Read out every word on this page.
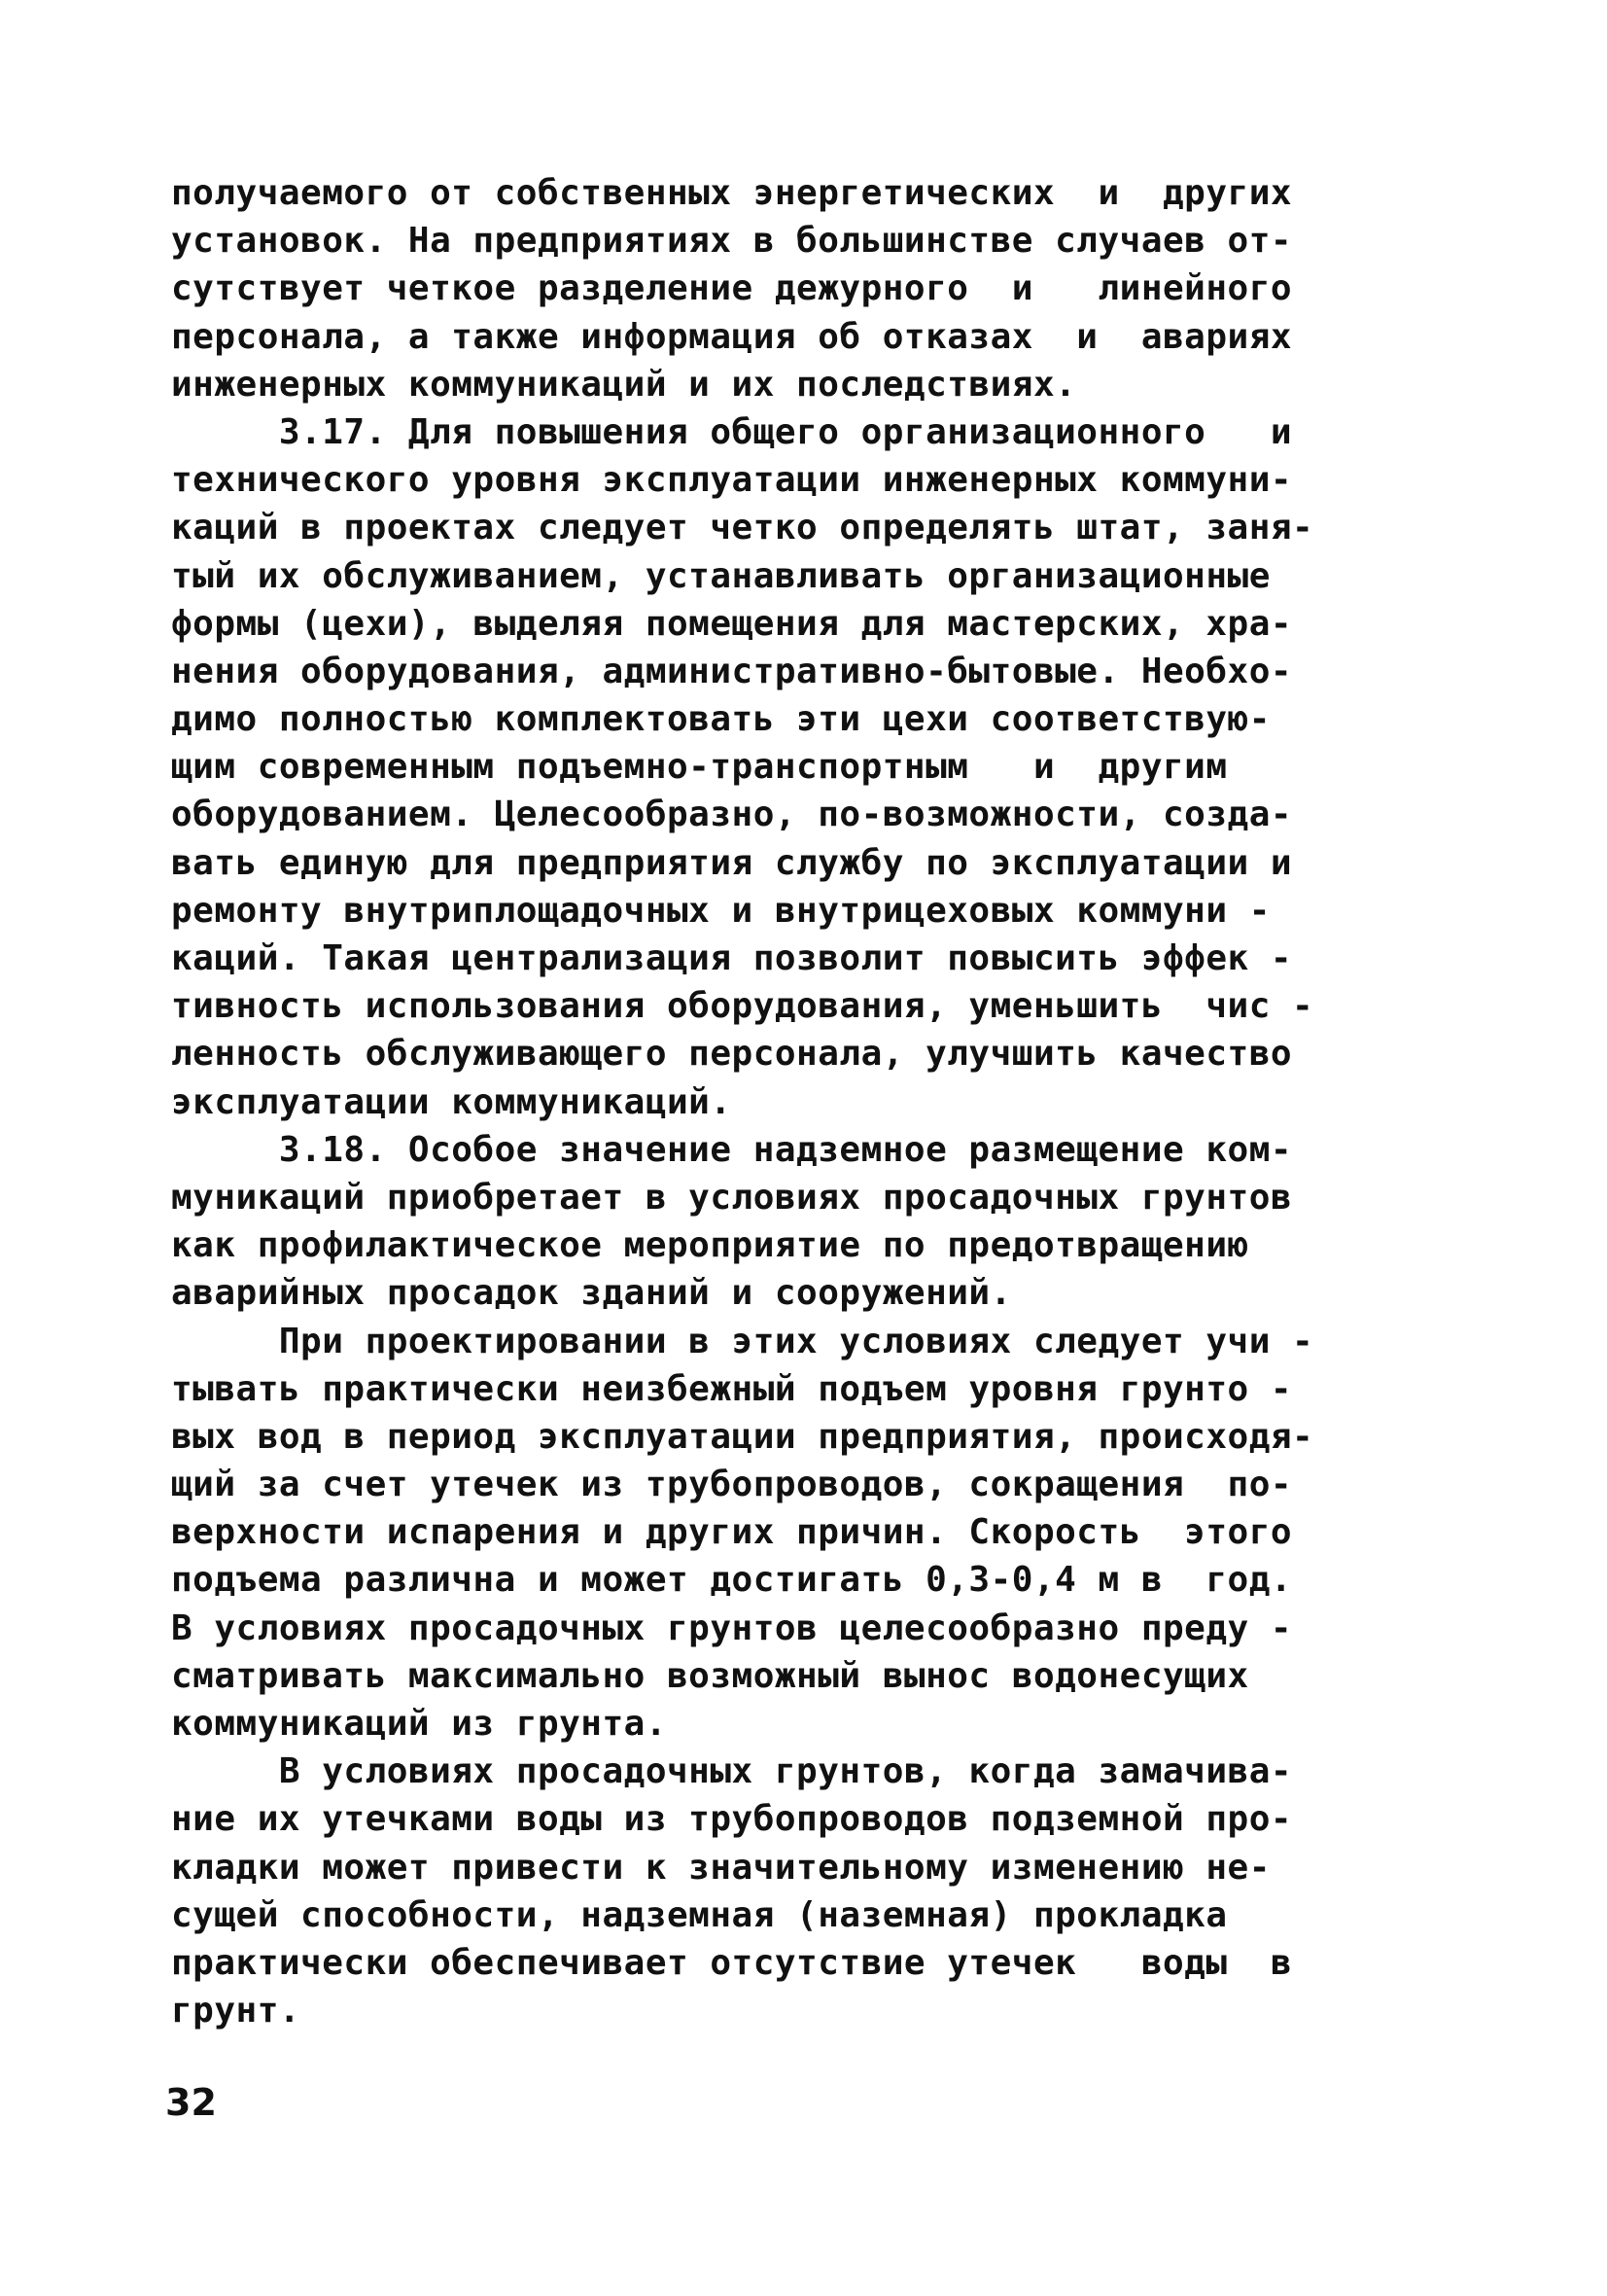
получаемого от собственных энергетических  и  других
установок. На предприятиях в большинстве случаев от-
сутствует четкое разделение дежурного  и   линейного
персонала, а также информация об отказах  и  авариях
инженерных коммуникаций и их последствиях.
3.17. Для повышения общего организационного   и
технического уровня эксплуатации инженерных коммуни-
каций в проектах следует четко определять штат, заня-
тый их обслуживанием, устанавливать организационные
формы (цехи), выделяя помещения для мастерских, хра-
нения оборудования, административно-бытовые. Необхо-
димо полностью комплектовать эти цехи соответствую-
щим современным подъемно-транспортным   и  другим
оборудованием. Целесообразно, по-возможности, созда-
вать единую для предприятия службу по эксплуатации и
ремонту внутриплощадочных и внутрицеховых коммуни -
каций. Такая централизация позволит повысить эффек -
тивность использования оборудования, уменьшить  чис -
ленность обслуживающего персонала, улучшить качество
эксплуатации коммуникаций.
3.18. Особое значение надземное размещение ком-
муникаций приобретает в условиях просадочных грунтов
как профилактическое мероприятие по предотвращению
аварийных просадок зданий и сооружений.
При проектировании в этих условиях следует учи -
тывать практически неизбежный подъем уровня грунто -
вых вод в период эксплуатации предприятия, происходя-
щий за счет утечек из трубопроводов, сокращения  по-
верхности испарения и других причин. Скорость  этого
подъема различна и может достигать 0,3-0,4 м в  год.
В условиях просадочных грунтов целесообразно преду -
сматривать максимально возможный вынос водонесущих
коммуникаций из грунта.
В условиях просадочных грунтов, когда замачива-
ние их утечками воды из трубопроводов подземной про-
кладки может привести к значительному изменению не-
сущей способности, надземная (наземная) прокладка
практически обеспечивает отсутствие утечек   воды  в
грунт.
32
